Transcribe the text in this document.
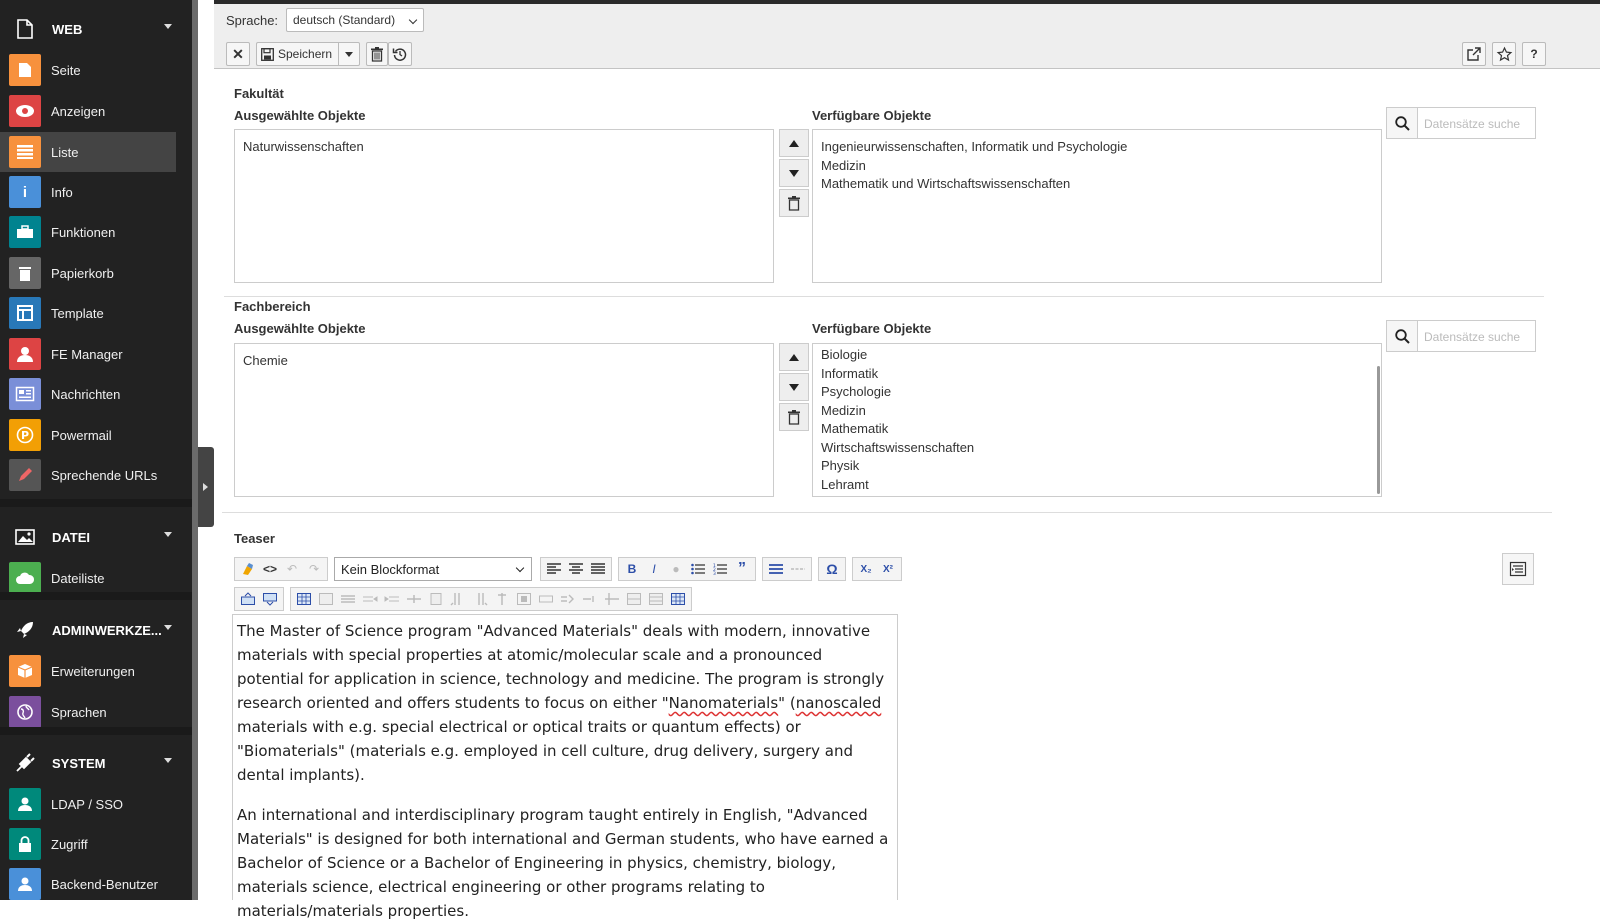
WEB
Seite
Anzeigen
Liste
i	Info
Funktionen
Papierkorb
Template
FE Manager
Nachrichten
P Powermail
Sprechende URLs
DATEI
Dateiliste
ADMINWERKZE...
Erweiterungen
Sprachen
SYSTEM
LDAP / SSO
Zugriff
Backend-Benutzer
Sprache:	deutsch (Standard)
✕	Speichern	?
Fakultät
Ausgewählte Objekte	Verfügbare Objekte
Naturwissenschaften	Ingenieurwissenschaften, Informatik und Psychologie
Medizin
Mathematik und Wirtschaftswissenschaften
Datensätze suche
Fachbereich
Ausgewählte Objekte	Verfügbare Objekte
Chemie	Biologie
Informatik
Psychologie
Medizin
Mathematik
Wirtschaftswissenschaften
Physik
Lehramt
Datensätze suche
Teaser
<> ↶ ↷	Kein Blockformat	B	I	●	1
2
3	”	Ω	X₂	X²

The Master of Science program "Advanced Materials" deals with modern, innovative materials with special properties at atomic/molecular scale and a pronounced potential for application in science, technology and medicine. The program is strongly research oriented and offers students to focus on either "Nanomaterials" (nanoscaled materials with e.g. special electrical or optical traits or quantum effects) or "Biomaterials" (materials e.g. employed in cell culture, drug delivery, surgery and dental implants).

An international and interdisciplinary program taught entirely in English, "Advanced Materials" is designed for both international and German students, who have earned a Bachelor of Science or a Bachelor of Engineering in physics, chemistry, biology, materials science, electrical engineering or other programs relating to materials/materials properties.
